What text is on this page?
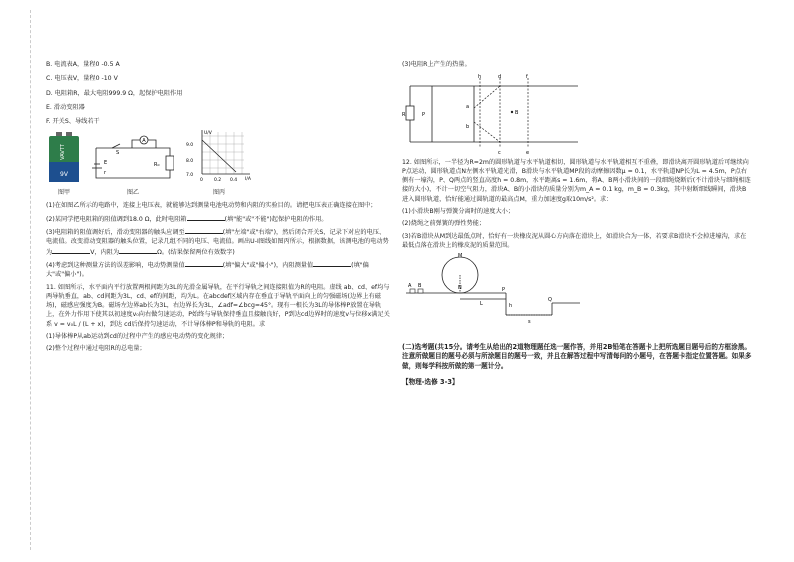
B. 电流表A，量程0 -0.5 A
C. 电压表V，量程0 -10 V
D. 电阻箱R，最大电阻999.9 Ω，起保护电阻作用
E. 滑动变阻器
F. 开关S、导线若干
VAVTT
9V
图甲
A
S
E
r
R₀
图乙
U/V
I/A
9.0
8.0
7.0
0 0.2 0.4
图丙

(1)在如图乙所示的电路中，连接上电压表，就能够达到测量电池电动势和内阻的实验目的。请把电压表正确连接在图中；

(2)某同学把电阻箱的阻值调到18.0 Ω，此时电阻箱	(填"能"或"不能")起保护电阻的作用。

(3)电阻箱的阻值调好后，滑动变阻器的触头应调至	(填"左端"或"右端")，然后闭合开关S，记录下对应的电压、电流值。改变滑动变阻器的触头位置，记录几组不同的电压、电流值。画出U-I图线如图丙所示，根据数据，该测电池的电动势为	V，内阻为	Ω。(结果保留两位有效数字)

(4)考虑到这种测量方法的误差影响，电动势测量值	(填"偏大"或"偏小")，内阻测量值	(填"偏大"或"偏小")。

11. 如图所示，水平面内平行放置两根间距为3L的光滑金属导轨，在平行导轨之间连接阻值为R的电阻。虚线 ab、cd、ef均与两导轨垂直，ab、cd间距为3L，cd、ef的间距，均为L。在abcdef区域内存在垂直于导轨平面向上的匀强磁场(边界上有磁场)，磁感应强度为B。磁场左边界ab长为3L，右边界长为3L，∠adf=∠bcg=45°。现有一根长为3L的导体棒P放置在导轨上，在外力作用下使其以初速度v₀向右做匀速运动，P始终与导轨保持垂直且接触良好，P到达cd边界时的速度v与位移x满足关系 v = v₀L / (L + x)，到达 cd后保持匀速运动，不计导体棒P和导轨的电阻。求

(1)导体棒P从ab运动到cd的过程中产生的感应电动势的变化规律；

(2)整个过程中通过电阻R的总电量；

(3)电阻R上产生的热量。

h	d	f
a
b
c	e
R	P	B

12. 如图所示，一半径为R=2m的圆形轨道与水平轨道相切，圆形轨道与水平轨道相互不重叠，即滑块离开圆形轨道后可继续向P点运动，圆形轨道点N左侧水平轨道光滑，B滑块与水平轨道MP段的动摩擦因数μ = 0.1，水平轨道NP长为L = 4.5m，P点右侧有一壕沟，P、Q两点的竖直高度h = 0.8m，水平距离s = 1.6m，将A、B两小滑块间的一段细绳烧断后(不计滑块与细绳相连接的大小)，不计一切空气阻力，滑块A、B的小滑块的质量分别为m_A = 0.1 kg，m_B = 0.3kg，其中射断细线瞬间，滑块B进入圆形轨道，恰好能通过圆轨道的最高点M，重力加速度g取10m/s²。求：

(1)小滑块B刚与弹簧分离时的速度大小；

(2)烧绳之前弹簧的弹性势能；

(3)若B滑块从M到达最低点时，恰好有一块橡皮泥从圆心方向落在滑块上，如滑块合为一体，若要求B滑块不会掉进壕沟，求在最低点落在滑块上的橡皮泥的质量范围。

M
A B	N	P
L	h
Q
s

(二)选考题(共15分。请考生从给出的2道物理题任选一题作答，并用2B铅笔在答题卡上把所选题目题号后的方框涂黑。注意所做题目的题号必须与所涂题目的题号一致，并且在解答过程中写清每问的小题号，在答题卡指定位置答题。如果多做，则每学科按所做的第一题计分。

【物理-选修 3-3】
